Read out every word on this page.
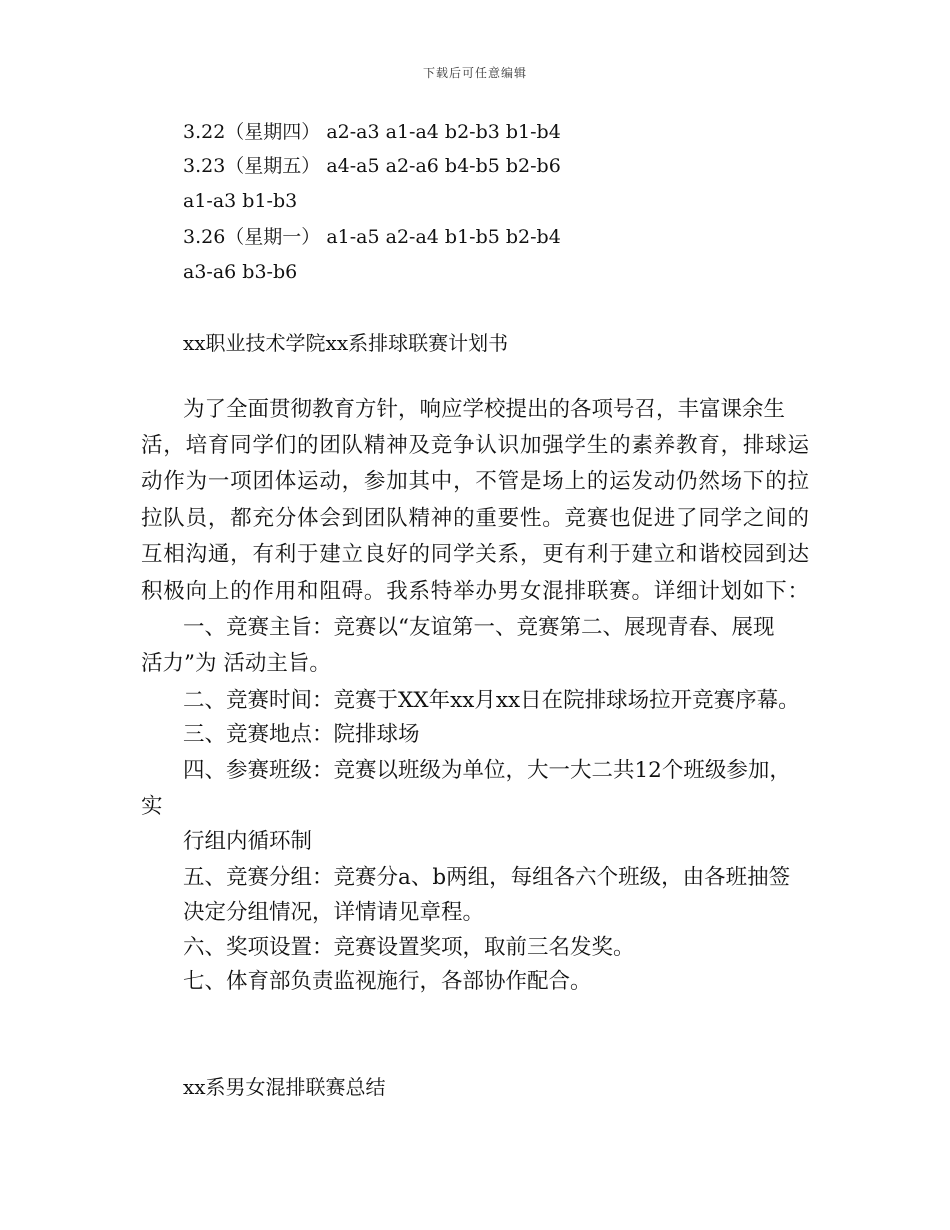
下载后可任意编辑
3.22（星期四） a2-a3 a1-a4 b2-b3 b1-b4
3.23（星期五） a4-a5 a2-a6 b4-b5 b2-b6
a1-a3 b1-b3
3.26（星期一） a1-a5 a2-a4 b1-b5 b2-b4
a3-a6 b3-b6
xx职业技术学院xx系排球联赛计划书
为了全面贯彻教育方针，响应学校提出的各项号召，丰富课余生
活，培育同学们的团队精神及竞争认识加强学生的素养教育，排球运
动作为一项团体运动，参加其中，不管是场上的运发动仍然场下的拉
拉队员，都充分体会到团队精神的重要性。竞赛也促进了同学之间的
互相沟通，有利于建立良好的同学关系，更有利于建立和谐校园到达
积极向上的作用和阻碍。我系特举办男女混排联赛。详细计划如下：
一、竞赛主旨：竞赛以“友谊第一、竞赛第二、展现青春、展现
活力”为 活动主旨。
二、竞赛时间：竞赛于XX年xx月xx日在院排球场拉开竞赛序幕。
三、竞赛地点：院排球场
四、参赛班级：竞赛以班级为单位，大一大二共12个班级参加，
实
行组内循环制
五、竞赛分组：竞赛分a、b两组，每组各六个班级，由各班抽签
决定分组情况，详情请见章程。
六、奖项设置：竞赛设置奖项，取前三名发奖。
七、体育部负责监视施行，各部协作配合。
xx系男女混排联赛总结
